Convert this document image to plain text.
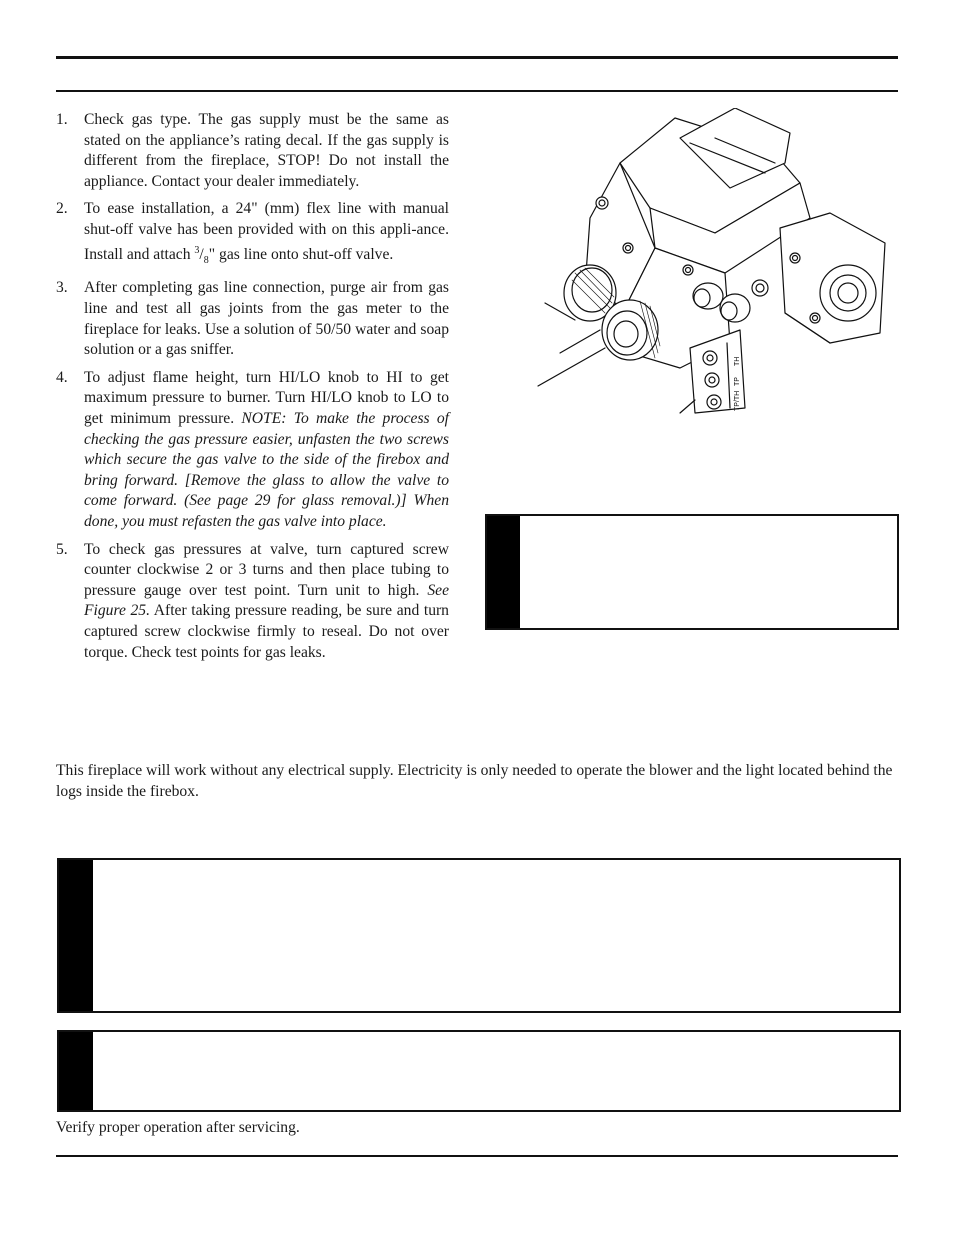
1. Check gas type. The gas supply must be the same as stated on the appliance’s rating decal. If the gas supply is different from the fireplace, STOP! Do not install the appliance. Contact your dealer immediately.
2. To ease installation, a 24" (mm) flex line with manual shut-off valve has been provided with on this appli-ance. Install and attach $^3/_8$" gas line onto shut-off valve.
3. After completing gas line connection, purge air from gas line and test all gas joints from the gas meter to the fireplace for leaks. Use a solution of 50/50 water and soap solution or a gas sniffer.
4. To adjust flame height, turn HI/LO knob to HI to get maximum pressure to burner. Turn HI/LO knob to LO to get minimum pressure. NOTE: To make the process of checking the gas pressure easier, unfasten the two screws which secure the gas valve to the side of the firebox and bring forward. [Remove the glass to allow the valve to come forward. (See page 29 for glass removal.)] When done, you must refasten the gas valve into place.
5. To check gas pressures at valve, turn captured screw counter clockwise 2 or 3 turns and then place tubing to pressure gauge over test point. Turn unit to high. See Figure 25. After taking pressure reading, be sure and turn captured screw clockwise firmly to reseal. Do not over torque. Check test points for gas leaks.
TH
TP
TP/TH

This fireplace will work without any electrical supply. Electricity is only needed to operate the blower and the light located behind the logs inside the firebox.

Verify proper operation after servicing.
